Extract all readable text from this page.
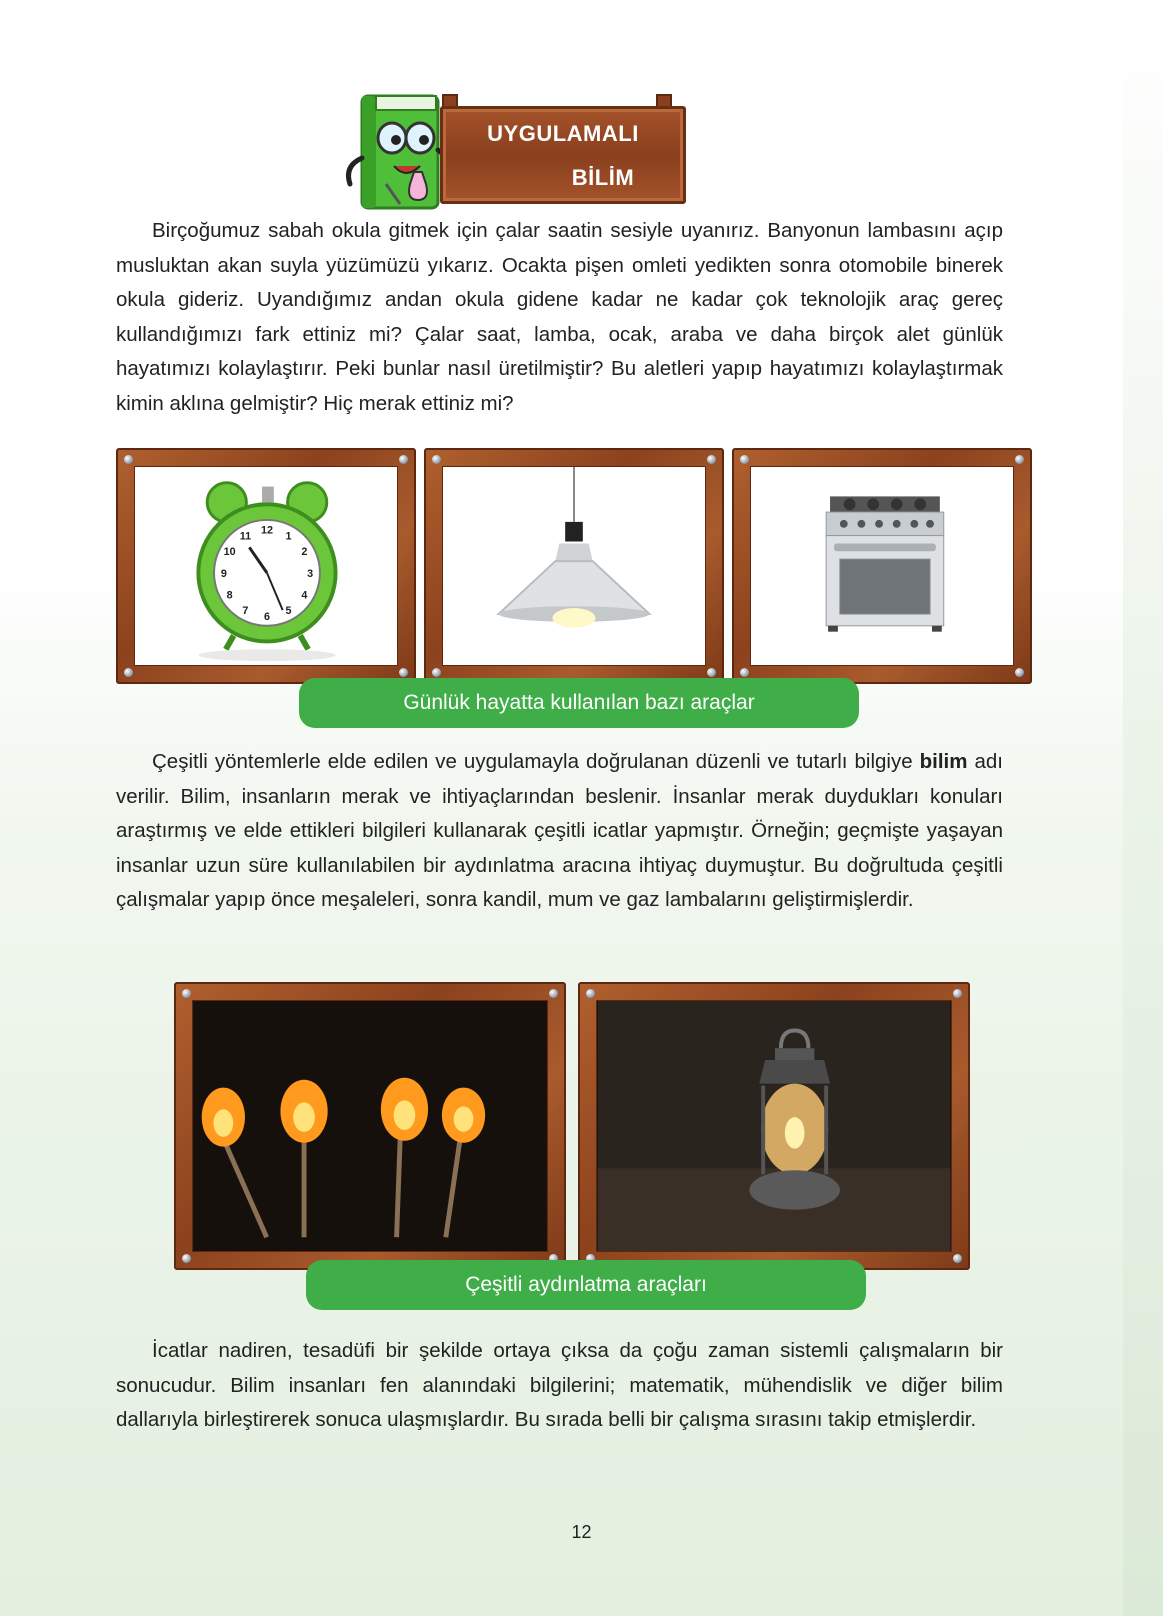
UYGULAMALI
BİLİM

Birçoğumuz sabah okula gitmek için çalar saatin sesiyle uyanırız. Banyonun lambasını açıp musluktan akan suyla yüzümüzü yıkarız. Ocakta pişen omleti yedikten sonra otomobile binerek okula gideriz. Uyandığımız andan okula gidene kadar ne kadar çok teknolojik araç gereç kullandığımızı fark ettiniz mi? Çalar saat, lamba, ocak, araba ve daha birçok alet günlük hayatımızı kolaylaştırır. Peki bunlar nasıl üretilmiştir? Bu aletleri yapıp hayatımızı kolaylaştırmak kimin aklına gelmiştir? Hiç merak ettiniz mi?

12 1
2
3
4
5
6
7
8
9
10
11
Günlük hayatta kullanılan bazı araçlar

Çeşitli yöntemlerle elde edilen ve uygulamayla doğrulanan düzenli ve tutarlı bilgiye bilim adı verilir. Bilim, insanların merak ve ihtiyaçlarından beslenir. İnsanlar merak duydukları konuları araştırmış ve elde ettikleri bilgileri kullanarak çeşitli icatlar yapmıştır. Örneğin; geçmişte yaşayan insanlar uzun süre kullanılabilen bir aydınlatma aracına ihtiyaç duymuştur. Bu doğrultuda çeşitli çalışmalar yapıp önce meşaleleri, sonra kandil, mum ve gaz lambalarını geliştirmişlerdir.

Çeşitli aydınlatma araçları

İcatlar nadiren, tesadüfi bir şekilde ortaya çıksa da çoğu zaman sistemli çalışmaların bir sonucudur. Bilim insanları fen alanındaki bilgilerini; matematik, mühendislik ve diğer bilim dallarıyla birleştirerek sonuca ulaşmışlardır. Bu sırada belli bir çalışma sırasını takip etmişlerdir.

12
